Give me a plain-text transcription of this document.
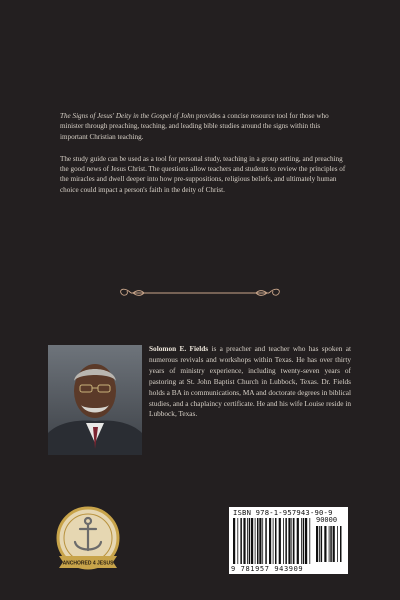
The Signs of Jesus' Deity in the Gospel of John provides a concise resource tool for those who minister through preaching, teaching, and leading bible studies around the signs within this important Christian teaching.

The study guide can be used as a tool for personal study, teaching in a group setting, and preaching the good news of Jesus Christ. The questions allow teachers and students to review the principles of the miracles and dwell deeper into how pre-suppositions, religious beliefs, and ultimately human choice could impact a person's faith in the deity of Christ.

Solomon E. Fields is a preacher and teacher who has spoken at numerous revivals and workshops within Texas. He has over thirty years of ministry experience, including twenty-seven years of pastoring at St. John Baptist Church in Lubbock, Texas. Dr. Fields holds a BA in communications, MA and doctorate degrees in biblical studies, and a chaplaincy certificate. He and his wife Louise reside in Lubbock, Texas.
ANCHORED 4 JESUS
ISBN 978-1-957943-90-9
90000
9 781957 943909
